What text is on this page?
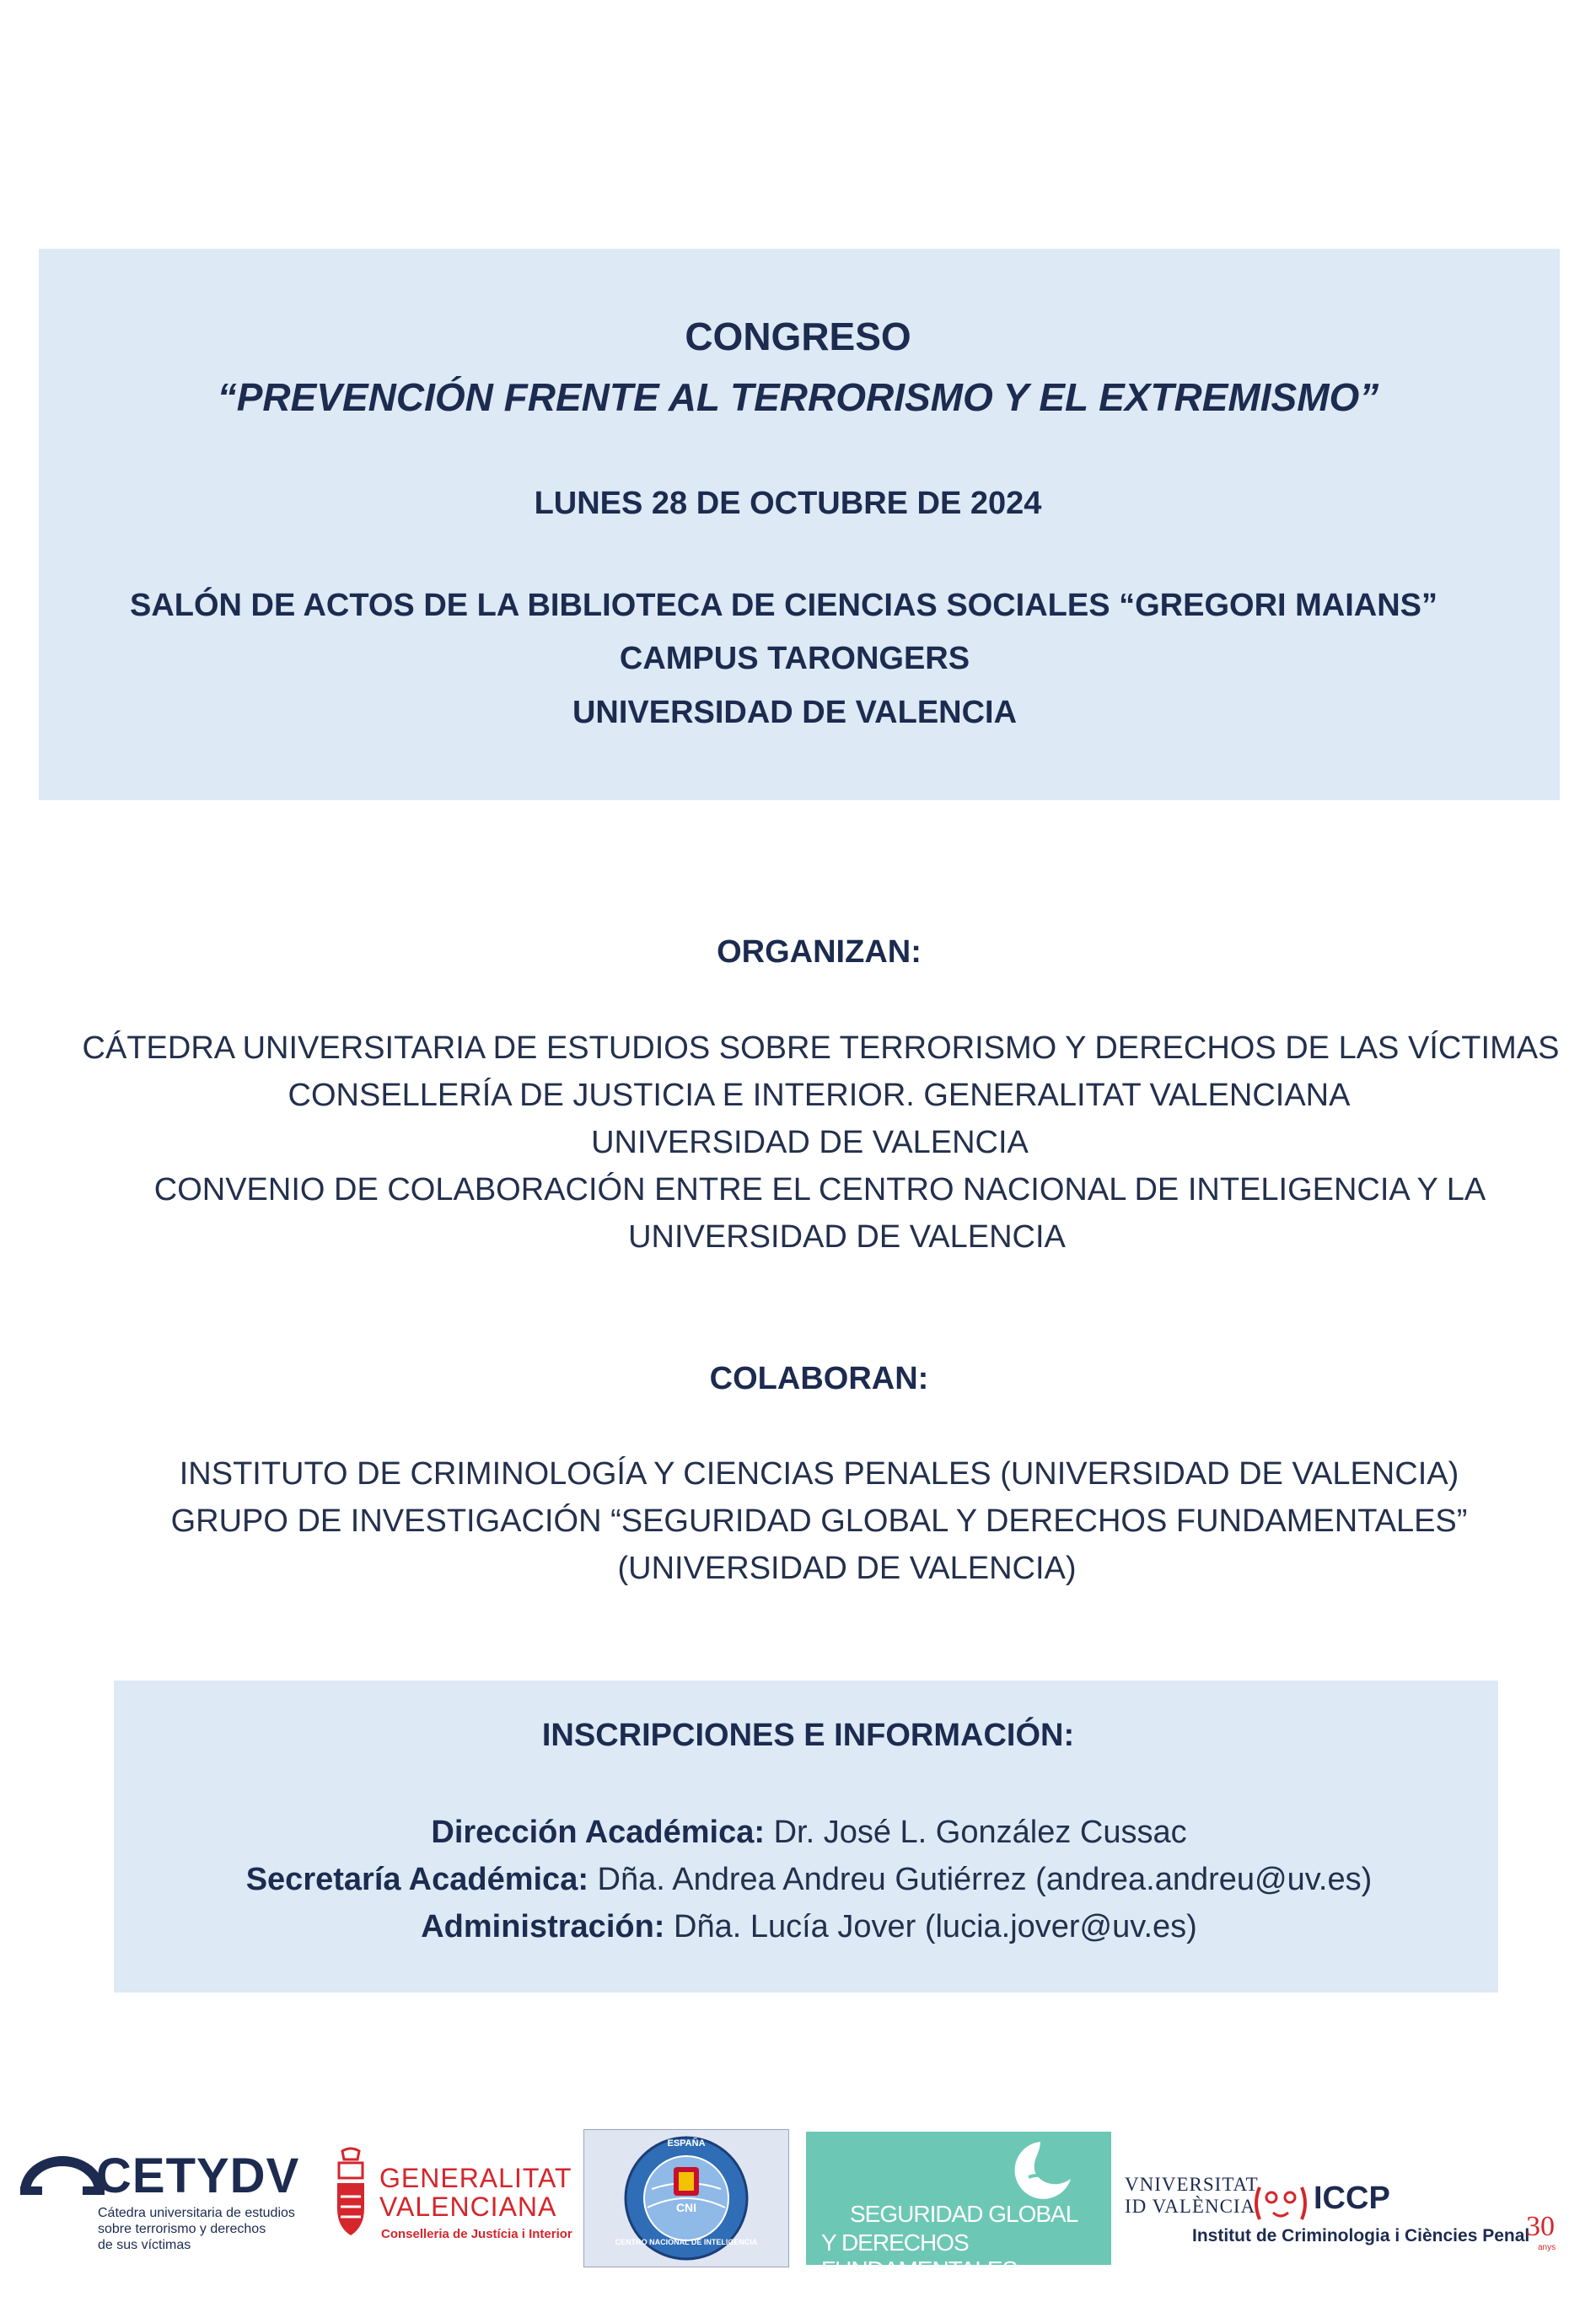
CONGRESO
“PREVENCIÓN FRENTE AL TERRORISMO Y EL EXTREMISMO”
LUNES 28 DE OCTUBRE DE 2024
SALÓN DE ACTOS DE LA BIBLIOTECA DE CIENCIAS SOCIALES “GREGORI MAIANS”
CAMPUS TARONGERS
UNIVERSIDAD DE VALENCIA
ORGANIZAN:
CÁTEDRA UNIVERSITARIA DE ESTUDIOS SOBRE TERRORISMO Y DERECHOS DE LAS VÍCTIMAS
CONSELLERÍA DE JUSTICIA E INTERIOR. GENERALITAT VALENCIANA
UNIVERSIDAD DE VALENCIA
CONVENIO DE COLABORACIÓN ENTRE EL CENTRO NACIONAL DE INTELIGENCIA Y LA
UNIVERSIDAD DE VALENCIA
COLABORAN:
INSTITUTO DE CRIMINOLOGÍA Y CIENCIAS PENALES (UNIVERSIDAD DE VALENCIA)
GRUPO DE INVESTIGACIÓN “SEGURIDAD GLOBAL Y DERECHOS FUNDAMENTALES”
(UNIVERSIDAD DE VALENCIA)
INSCRIPCIONES E INFORMACIÓN:
Dirección Académica: Dr. José L. González Cussac
Secretaría Académica: Dña. Andrea Andreu Gutiérrez (andrea.andreu@uv.es)
Administración: Dña. Lucía Jover (lucia.jover@uv.es)
CETYDV
Cátedra universitaria de estudios
sobre terrorismo y derechos
de sus víctimas
GENERALITAT
VALENCIANA
Conselleria de Justícia i Interior
ESPAÑA
CNI
CENTRO NACIONAL DE INTELIGENCIA
SEGURIDAD GLOBAL
Y DERECHOS FUNDAMENTALES
VNIVERSITAT
ID VALÈNCIA ICCP
Institut de Criminologia i Ciències Penal
30
anys
